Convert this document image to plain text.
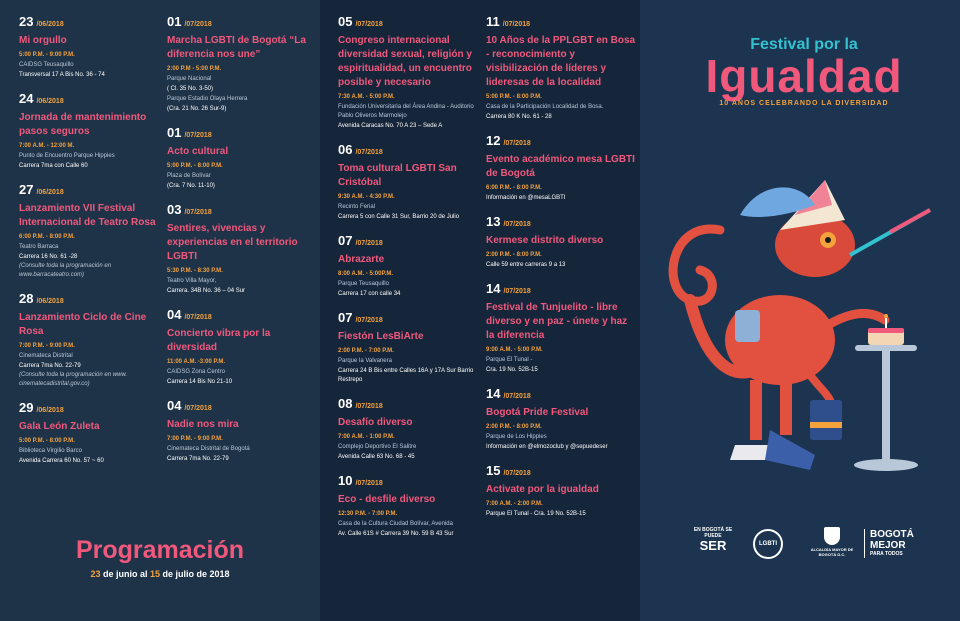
23 /06/2018
Mi orgullo
5:00 P.M. - 9:00 P.M.
CAIDSG Teusaquillo
Transversal 17 A Bis No. 36 - 74
24 /06/2018
Jornada de mantenimiento pasos seguros
7:00 A.M. - 12:00 M.
Punto de Encuentro Parque Hippies
Carrera 7ma con Calle 60
27 /06/2018
Lanzamiento VII Festival Internacional de Teatro Rosa
6:00 P.M. - 8:00 P.M.
Teatro Barraca
Carrera 16 No. 61 -28
(Consulte toda la programación en www.barracateatro.com)
28 /06/2018
Lanzamiento Ciclo de Cine Rosa
7:00 P.M. - 9:00 P.M.
Cinemateca Distrital
Carrera 7ma No. 22-79
(Consulte toda la programación en www. cinematecadistrital.gov.co)
29 /06/2018
Gala León Zuleta
5:00 P.M. - 8:00 P.M.
Biblioteca Virgilio Barco
Avenida Carrera 60 No. 57 ~ 60
01 /07/2018
Marcha LGBTI de Bogotá “La diferencia nos une”
2:00 P.M - 5:00 P.M.
Parque Nacional
( Cl. 35 No. 3-50)
Parque Estadio Olaya Herrera
(Cra. 21 No. 26 Sur-9)
01 /07/2018
Acto cultural
5:00 P.M. - 8:00 P.M.
Plaza de Bolívar
(Cra. 7 No. 11-10)
03 /07/2018
Sentires, vivencias y experiencias en el territorio LGBTI
5:30 P.M. - 8:30 P.M.
Teatro Villa Mayor,
Carrera. 34B No. 36 – 04 Sur
04 /07/2018
Concierto vibra por la diversidad
11:00 A.M. -3:00 P.M.
CAIDSG Zona Centro
Carrera 14 Bis No 21-10
04 /07/2018
Nadie nos mira
7:00 P.M. - 9:00 P.M.
Cinemateca Distrital de Bogotá
Carrera 7ma No. 22-79
05 /07/2018
Congreso internacional diversidad sexual, religión y espiritualidad, un encuentro posible y necesario
7:30 A.M. - 5:00 P.M.
Fundación Universitaria del Área Andina - Auditorio Pablo Oliveros Marmolejo
Avenida Caracas No. 70 A 23 – Sede A
06 /07/2018
Toma cultural LGBTI San Cristóbal
9:30 A.M. - 4:30 P.M.
Recinto Ferial
Carrera 5 con Calle 31 Sur, Barrio 20 de Julio
07 /07/2018
Abrazarte
8:00 A.M. - 5:00P.M.
Parque Teusaquillo
Carrera 17 con calle 34
07 /07/2018
Fiestón LesBiArte
2:00 P.M. - 7:00 P.M.
Parque la Valvanera
Carrera 24 B Bis entre Calles 16A y 17A Sur Barrio Restrepo
08 /07/2018
Desafío diverso
7:00 A.M. - 1:00 P.M.
Complejo Deportivo El Salitre
Avenida Calle 63 No. 68 - 45
10 /07/2018
Eco - desfile diverso
12:30 P.M. - 7:00 P.M.
Casa de la Cultura Ciudad Bolívar, Avenida
Av. Calle 61S # Carrera 39 No. 59 B 43 Sur
11 /07/2018
10 Años de la PPLGBT en Bosa - reconocimiento y visibilización de líderes y lideresas de la localidad
5:00 P.M. - 8:00 P.M.
Casa de la Participación Localidad de Bosa.
Carrera 80 K No. 61 - 28
12 /07/2018
Evento académico mesa LGBTI de Bogotá
6:00 P.M. - 8:00 P.M.
Información en @mesaLGBTI
13 /07/2018
Kermese distrito diverso
2:00 P.M. - 8:00 P.M.
Calle 59 entre carreras 9 a 13
14 /07/2018
Festival de Tunjuelito - libre diverso y en paz - únete y haz la diferencia
9:00 A.M. - 5:00 P.M.
Parque El Tunal -
Cra. 19 No. 52B-15
14 /07/2018
Bogotá Pride Festival
2:00 P.M. - 8:00 P.M.
Parque de Los Hippies
Información en @elmozoclub y @sepuedeser
15 /07/2018
Activate por la igualdad
7:00 A.M. - 2:00 P.M.
Parque El Tunal - Cra. 19 No. 52B-15
Programación
23 de junio al 15 de julio de 2018
Festival por la
Igualdad
10 AÑOS CELEBRANDO LA DIVERSIDAD
EN BOGOTÁ SE PUEDE
SER	LGBTI
ALCALDÍA MAYOR DE BOGOTÁ D.C.
BOGOTÁ
MEJOR
PARA TODOS
